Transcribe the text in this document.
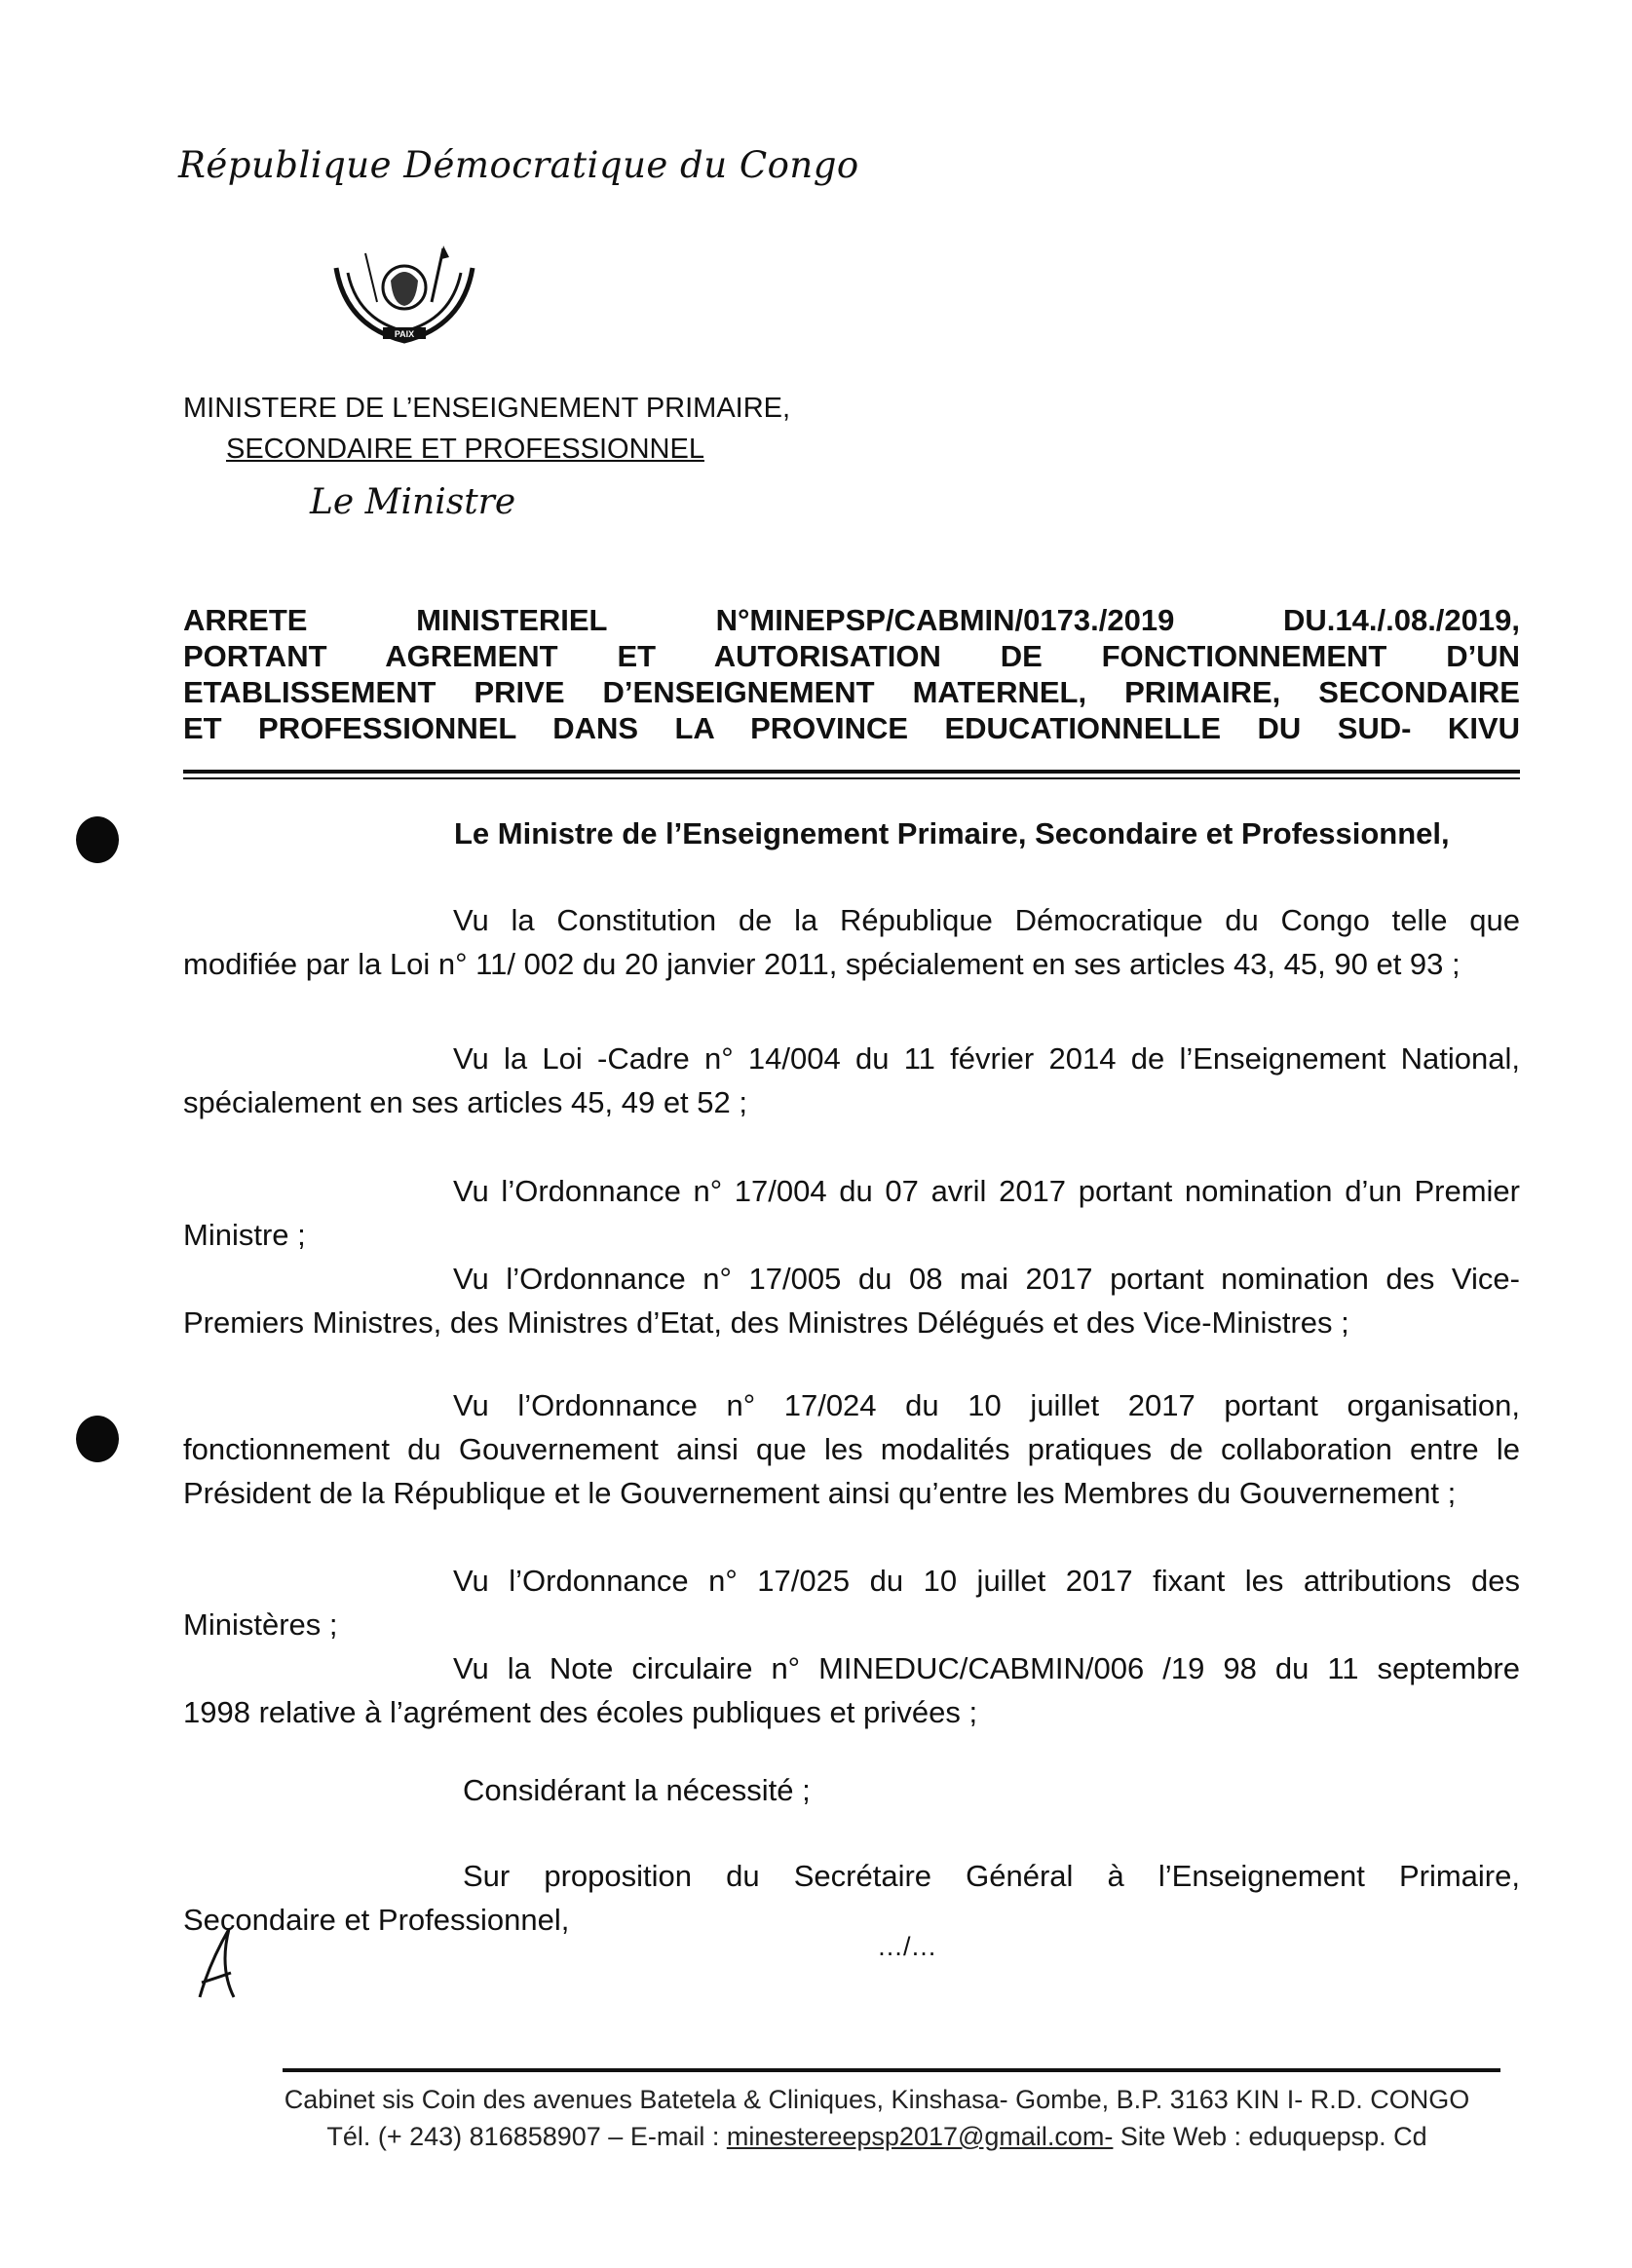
République Démocratique du Congo
PAIX
MINISTERE DE L’ENSEIGNEMENT PRIMAIRE,
SECONDAIRE ET PROFESSIONNEL
Le Ministre
ARRETE MINISTERIEL N°MINEPSP/CABMIN/0173./2019 DU.14./.08./2019,
PORTANT AGREMENT ET AUTORISATION DE FONCTIONNEMENT D’UN
ETABLISSEMENT PRIVE D’ENSEIGNEMENT MATERNEL, PRIMAIRE, SECONDAIRE
ET PROFESSIONNEL DANS LA PROVINCE EDUCATIONNELLE DU SUD- KIVU
Le Ministre de l’Enseignement Primaire, Secondaire et Professionnel,
Vu la Constitution de la République Démocratique du Congo telle que
modifiée par la Loi n° 11/ 002 du 20 janvier 2011, spécialement en ses articles 43, 45, 90 et 93 ;
Vu la Loi -Cadre n° 14/004 du 11 février 2014 de l’Enseignement National,
spécialement en ses articles 45, 49 et 52 ;
Vu l’Ordonnance n° 17/004 du 07 avril 2017 portant nomination d’un Premier
Ministre ;
Vu l’Ordonnance n° 17/005 du 08 mai 2017 portant nomination des Vice-
Premiers Ministres, des Ministres d’Etat, des Ministres Délégués et des Vice-Ministres ;
Vu l’Ordonnance n° 17/024 du 10 juillet 2017 portant organisation,
fonctionnement du Gouvernement ainsi que les modalités pratiques de collaboration entre le
Président de la République et le Gouvernement ainsi qu’entre les Membres du Gouvernement ;
Vu l’Ordonnance n° 17/025 du 10 juillet 2017 fixant les attributions des
Ministères ;
Vu la Note circulaire n° MINEDUC/CABMIN/006 /19 98 du 11 septembre
1998 relative à l’agrément des écoles publiques et privées ;
Considérant la nécessité ;
Sur proposition du Secrétaire Général à l’Enseignement Primaire,
Secondaire et Professionnel,
…/…
Cabinet sis Coin des avenues Batetela & Cliniques, Kinshasa- Gombe, B.P. 3163 KIN I- R.D. CONGO
Tél. (+ 243) 816858907 – E-mail : minestereepsp2017@gmail.com- Site Web : eduquepsp. Cd
